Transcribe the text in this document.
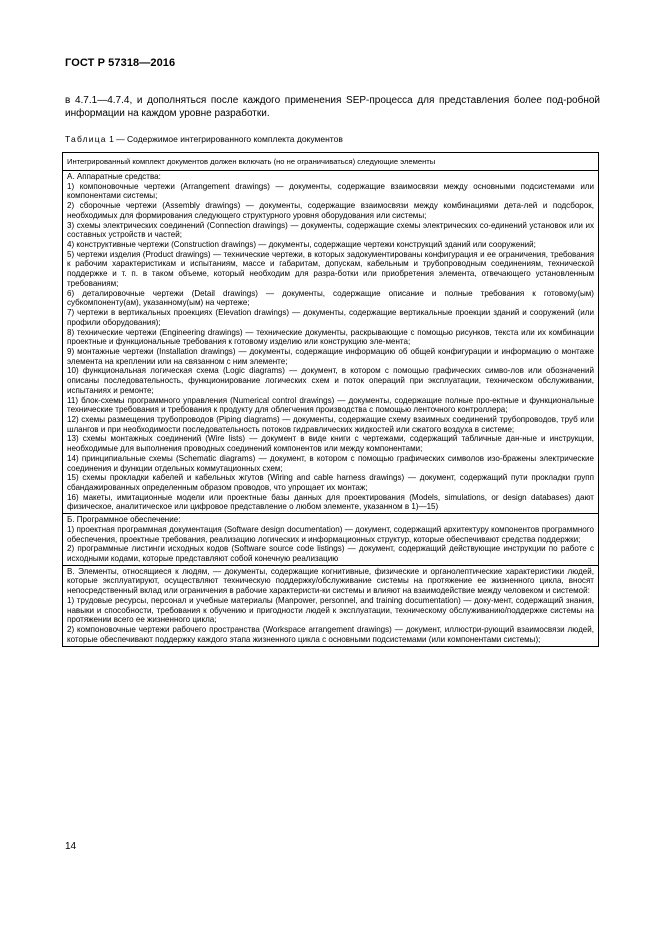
ГОСТ Р 57318—2016
в 4.7.1—4.7.4, и дополняться после каждого применения SEP-процесса для представления более под-робной информации на каждом уровне разработки.
Таблица 1 — Содержимое интегрированного комплекта документов
Интегрированный комплект документов должен включать (но не ограничиваться) следующие элементы

А. Аппаратные средства:

1) компоновочные чертежи (Arrangement drawings) — документы, содержащие взаимосвязи между основными подсистемами или компонентами системы;

2) сборочные чертежи (Assembly drawings) — документы, содержащие взаимосвязи между комбинациями дета-лей и подсборок, необходимых для формирования следующего структурного уровня оборудования или системы;

3) схемы электрических соединений (Connection drawings) — документы, содержащие схемы электрических со-единений установок или их составных устройств и частей;

4) конструктивные чертежи (Construction drawings) — документы, содержащие чертежи конструкций зданий или сооружений;

5) чертежи изделия (Product drawings) — технические чертежи, в которых задокументированы конфигурация и ее ограничения, требования к рабочим характеристикам и испытаниям, массе и габаритам, допускам, кабельным и трубопроводным соединениям, технической поддержке и т. п. в таком объеме, который необходим для разра-ботки или приобретения элемента, отвечающего установленным требованиям;

6) деталировочные чертежи (Detail drawings) — документы, содержащие описание и полные требования к готовому(ым) субкомпоненту(ам), указанному(ым) на чертеже;

7) чертежи в вертикальных проекциях (Elevation drawings) — документы, содержащие вертикальные проекции зданий и сооружений (или профили оборудования);

8) технические чертежи (Engineering drawings) — технические документы, раскрывающие с помощью рисунков, текста или их комбинации проектные и функциональные требования к готовому изделию или конструкцию эле-мента;

9) монтажные чертежи (Installation drawings) — документы, содержащие информацию об общей конфигурации и информацию о монтаже элемента на креплении или на связанном с ним элементе;

10) функциональная логическая схема (Logic diagrams) — документ, в котором с помощью графических симво-лов или обозначений описаны последовательность, функционирование логических схем и поток операций при эксплуатации, техническом обслуживании, испытаниях и ремонте;

11) блок-схемы программного управления (Numerical control drawings) — документы, содержащие полные про-ектные и функциональные технические требования и требования к продукту для облегчения производства с помощью ленточного контроллера;

12) схемы размещения трубопроводов (Piping diagrams) — документы, содержащие схему взаимных соединений трубопроводов, труб или шлангов и при необходимости последовательность потоков гидравлических жидкостей или сжатого воздуха в системе;

13) схемы монтажных соединений (Wire lists) — документ в виде книги с чертежами, содержащий табличные дан-ные и инструкции, необходимые для выполнения проводных соединений компонентов или между компонентами;

14) принципиальные схемы (Schematic diagrams) — документ, в котором с помощью графических символов изо-бражены электрические соединения и функции отдельных коммутационных схем;

15) схемы прокладки кабелей и кабельных жгутов (Wiring and cable harness drawings) — документ, содержащий пути прокладки групп сбандажированных определенным образом проводов, что упрощает их монтаж;

16) макеты, имитационные модели или проектные базы данных для проектирования (Models, simulations, or design databases) дают физическое, аналитическое или цифровое представление о любом элементе, указанном в 1)—15)

Б. Программное обеспечение:

1) проектная программная документация (Software design documentation) — документ, содержащий архитектуру компонентов программного обеспечения, проектные требования, реализацию логических и информационных структур, которые обеспечивают средства поддержки;

2) программные листинги исходных кодов (Software source code listings) — документ, содержащий действующие инструкции по работе с исходными кодами, которые представляют собой конечную реализацию

В. Элементы, относящиеся к людям, — документы, содержащие когнитивные, физические и органолептические характеристики людей, которые эксплуатируют, осуществляют техническую поддержку/обслуживание системы на протяжение ее жизненного цикла, вносят непосредственный вклад или ограничения в рабочие характеристи-ки системы и влияют на взаимодействие между человеком и системой:

1) трудовые ресурсы, персонал и учебные материалы (Manpower, personnel, and training documentation) — доку-мент, содержащий знания, навыки и способности, требования к обучению и пригодности людей к эксплуатации, техническому обслуживанию/поддержке системы на протяжении всего ее жизненного цикла;

2) компоновочные чертежи рабочего пространства (Workspace arrangement drawings) — документ, иллюстри-рующий взаимосвязи людей, которые обеспечивают поддержку каждого этапа жизненного цикла с основными подсистемами (или компонентами системы);

14
